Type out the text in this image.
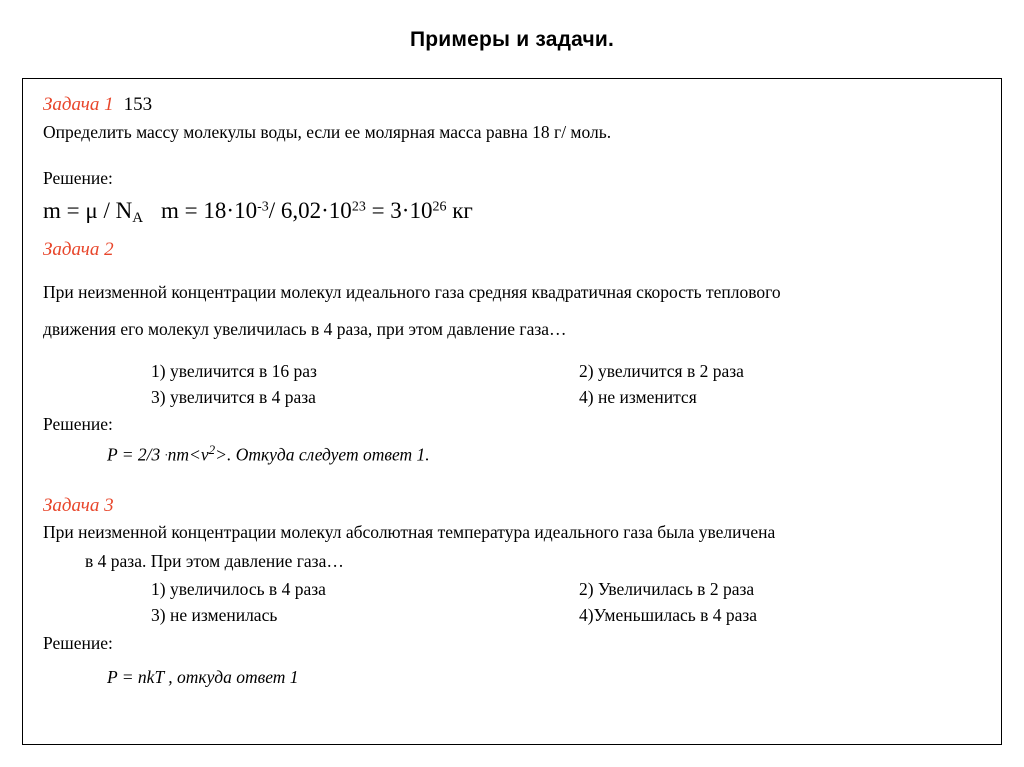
Примеры и задачи.

Задача 1 153

Определить массу молекулы воды, если ее молярная масса равна 18 г/ моль.

Решение:

$m = \mu / N_A$ $m = 18\cdot 10^{-3}/$ $6,02\cdot 10^{23} = 3\cdot 10^{26}$ кг

Задача 2

При неизменной концентрации молекул идеального газа средняя квадратичная скорость теплового

движения его молекул увеличилась в 4 раза, при этом давление газа…

1) увеличится в 16 раз	2) увеличится в 2 раза
3) увеличится в 4 раза	4) не изменится

Решение:

$P = 2/3 \cdot nm<v^2>$. Откуда следует ответ 1.

Задача 3

При неизменной концентрации молекул абсолютная температура идеального газа была увеличена

в 4 раза. При этом давление газа…

1) увеличилось в 4 раза	2) Увеличилась в 2 раза
3) не изменилась	4)Уменьшилась в 4 раза

Решение:

P = nkT , откуда ответ 1
